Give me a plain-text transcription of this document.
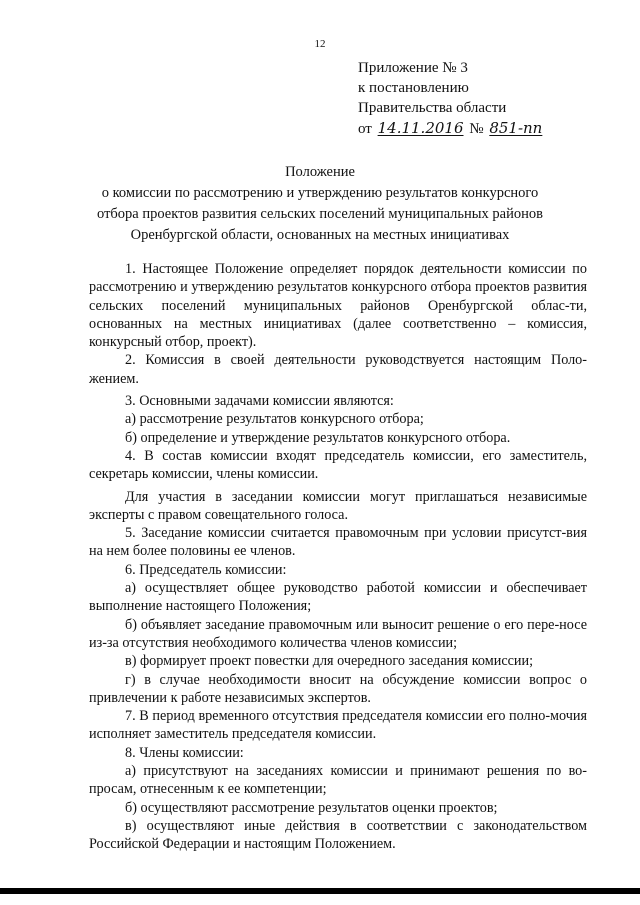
12
Приложение № 3
к постановлению
Правительства области
от 14.11.2016 № 851-пп
Положение
о комиссии по рассмотрению и утверждению результатов конкурсного
отбора проектов развития сельских поселений муниципальных районов
Оренбургской области, основанных на местных инициативах

1. Настоящее Положение определяет порядок деятельности комиссии по рассмотрению и утверждению результатов конкурсного отбора проектов развития сельских поселений муниципальных районов Оренбургской облас-ти, основанных на местных инициативах (далее соответственно – комиссия, конкурсный отбор, проект).

2. Комиссия в своей деятельности руководствуется настоящим Поло-жением.

3. Основными задачами комиссии являются:

а) рассмотрение результатов конкурсного отбора;

б) определение и утверждение результатов конкурсного отбора.

4. В состав комиссии входят председатель комиссии, его заместитель, секретарь комиссии, члены комиссии.

Для участия в заседании комиссии могут приглашаться независимые эксперты с правом совещательного голоса.

5. Заседание комиссии считается правомочным при условии присутст-вия на нем более половины ее членов.

6. Председатель комиссии:

а) осуществляет общее руководство работой комиссии и обеспечивает выполнение настоящего Положения;

б) объявляет заседание правомочным или выносит решение о его пере-носе из-за отсутствия необходимого количества членов комиссии;

в) формирует проект повестки для очередного заседания комиссии;

г) в случае необходимости вносит на обсуждение комиссии вопрос о привлечении к работе независимых экспертов.

7. В период временного отсутствия председателя комиссии его полно-мочия исполняет заместитель председателя комиссии.

8. Члены комиссии:

а) присутствуют на заседаниях комиссии и принимают решения по во-просам, отнесенным к ее компетенции;

б) осуществляют рассмотрение результатов оценки проектов;

в) осуществляют иные действия в соответствии с законодательством Российской Федерации и настоящим Положением.
